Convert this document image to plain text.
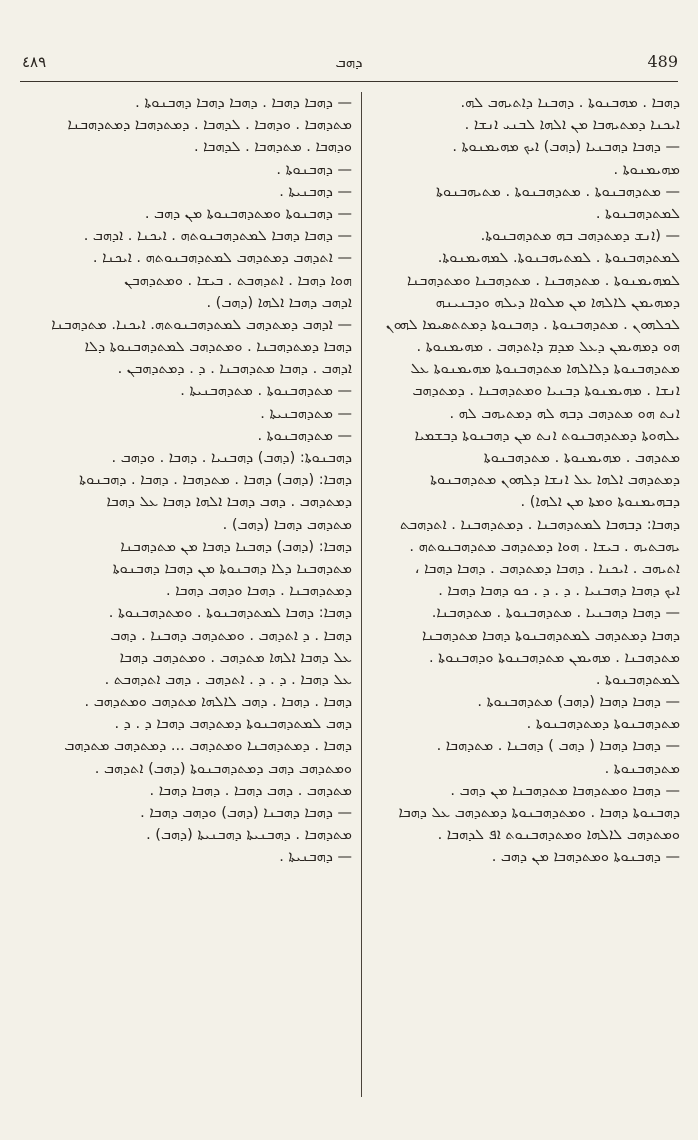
٤٨٩	ܕܗܒ	489
ܕܗܒܐ . ܡܗܒܢܘܬܐ . ܕܗܒܢܐ ܕܐܬܝܗܒ ܠܗ.
ܐܝܟܢܐ ܕܡܬܝܗܒܐ ܡܢ ܐܠܗܐ ܠܒܢܝ ܐܢܫܐ .
— ܕܗܒܐ ܕܗܒܢܝܐ (ܕܗܒ) ܐܝܟ ܡܗܝܡܢܘܬܐ .
ܡܗܝܡܢܘܬܐ .
— ܡܬܕܗܒܢܘܬܐ . ܡܬܕܗܒܢܘܬܐ . ܡܬܝܗܒܢܘܬܐ
ܠܡܬܕܗܒܢܘܬܐ .
— (ܐܢܫ ܕܡܬܕܗܒ ܒܗ ܡܬܕܗܒܢܘܬܐ.
ܠܡܬܕܗܒܢܘܬܐ . ܠܡܬܝܗܒܢܘܬܐ. ܠܡܗܝܡܢܘܬܐ.
ܠܡܗܝܡܢܘܬܐ . ܡܬܕܗܒܢܐ . ܡܬܕܗܒܢܐ ܘܡܬܕܗܒܢܐ
ܕܡܗܝܡܢ ܠܐܠܗܐ ܡܢ ܡܠܘܐܐ ܕܝܠܗ ܘܕܒܢܝܢܗ
ܠܟܠܗܘܢ . ܡܬܕܗܒܢܘܬܐ . ܕܗܒܢܘܬܐ ܕܡܬܬܣܝܡܐ ܠܗܘܢ
ܗܘ ܕܡܗܝܡܢ ܕܥܠ ܡܕܡ ܕܐܬܕܗܒ . ܡܗܝܡܢܘܬܐ .
ܡܬܕܗܒܢܘܬܐ ܕܠܐܠܗܐ ܡܬܕܗܒܢܘܬܐ ܡܗܝܡܢܘܬܐ ܥܠ
ܐܢܫܐ . ܡܗܝܡܢܘܬܐ ܕܒܢܝܐ ܘܡܬܕܗܒܢܐ . ܕܡܬܕܗܒ
ܐܢܬ ܗܘ ܡܬܕܗܒ ܕܒܗ ܠܗ ܕܡܬܝܗܒ ܠܗ .
ܝܠܗܘܬܐ ܕܡܬܕܗܒܢܘܬ ܐܢܬ ܡܢ ܕܗܒܢܘܬܐ ܕܒܫܡܝܐ
ܡܬܕܗܒ . ܡܗܝܡܢܘܬܐ . ܡܬܕܗܒܢܘܬܐ
ܕܡܬܕܗܒ ܐܠܗܐ ܥܠ ܐܢܫܐ ܕܠܗܘܢ ܡܬܕܗܒܢܘܬܐ
ܕܒܗܝܡܢܘܬܐ ܘܡܬܐ ܡܢ ܐܠܗܐ) .
ܕܗܒܐ: ܕܒܗܒܐ ܠܡܬܕܗܒܢܐ . ܕܡܬܕܗܒܢܐ . ܐܬܕܗܒܬ
ܝܗܒܬܝܗ . ܒܝܫܐ . ܗܘܐ ܕܡܬܕܗܒ ܡܬܕܗܒܢܘܬܗ .
ܐܬܝܗܒ . ܐܝܟܢܐ . ܕܗܒܐ ܕܡܬܕܗܒ . ܕܗܒܐ ܕܗܒܐ ،
ܐܝܟ ܕܗܒܐ ܕܗܒܢܝܐ . ܕ . ܕ . ܟܘ ܕܗܒܐ ܕܗܒܐ .
— ܕܗܒܐ ܕܗܒܢܝܐ . ܡܬܕܗܒܢܘܬܐ . ܡܬܕܗܒܢܐ.
ܕܗܒܐ ܕܡܬܕܗܒ ܠܡܬܕܗܒܢܘܬܐ ܕܗܒܐ ܡܬܕܗܒܢܐ
ܡܬܕܗܒܢܐ . ܡܗܝܡܢ ܡܬܕܗܒܢܘܬܐ ܘܕܗܒܢܘܬܐ .
ܠܡܬܕܗܒܢܘܬܐ .
— ܕܗܒܐ ܕܗܒܐ (ܕܗܒ) ܡܬܕܗܒܢܘܬܐ .
ܡܬܕܗܒܢܘܬܐ ܕܡܬܕܗܒܢܘܬܐ .
— ܕܗܒܐ ܕܗܒܐ ( ܕܗܒ ) ܕܗܒܢܐ . ܡܬܕܗܒܐ .
ܡܬܕܗܒܢܘܬܐ .
— ܕܗܒܐ ܘܡܬܕܗܒܐ ܡܬܕܗܒܢܐ ܡܢ ܕܗܒ .
ܕܗܒܢܘܬܐ ܕܗܒܐ . ܘܡܬܕܗܒܢܘܬܐ ܕܡܬܕܗܒ ܥܠ ܕܗܒܐ
ܘܡܬܕܗܒ ܠܐܠܗܐ ܘܡܬܕܗܒܢܘܬ ܐܦ ܠܕܗܒܐ .
— ܕܗܒܢܘܬܐ ܘܡܬܕܗܒܐ ܡܢ ܕܗܒ .
— ܕܗܒܐ ܕܗܒܐ . ܕܗܒܐ ܕܗܒܐ ܕܗܒܢܘܬܐ .
ܡܬܕܗܒܐ . ܘܕܗܒܐ . ܠܕܗܒܐ . ܕܡܬܕܗܒܐ ܕܡܬܕܗܒܢܐ
ܘܕܗܒܐ . ܡܬܕܗܒܐ . ܠܕܗܒܐ .
— ܕܗܒܢܘܬܐ .
— ܕܗܒܢܝܬܐ .
— ܕܗܒܢܘܬܐ ܘܡܬܕܗܒܢܘܬܐ ܡܢ ܕܗܒ .
— ܕܗܒܐ ܕܗܒܐ ܠܡܬܕܗܒܢܘܬܗ . ܐܝܟܢܐ . ܐܕܗܒ .
— ܐܬܕܗܒ ܕܡܬܕܗܒ ܠܡܬܕܗܒܢܘܬܗ . ܐܝܟܢܐ .
ܗܘܐ ܕܗܒܐ . ܐܬܕܗܒܬ . ܒܝܫܐ . ܘܡܬܕܗܒܢ
ܐܕܗܒ ܕܗܒܐ ܐܠܗܐ (ܕܗܒ) .
— ܐܕܗܒ ܕܡܬܕܗܒ ܠܡܬܕܗܒܢܘܬܗ. ܐܝܟܢܐ. ܡܬܕܗܒܢܐ
ܕܗܒܐ ܕܡܬܕܗܒܢܐ . ܘܡܬܕܗܒ ܠܡܬܕܗܒܢܘܬܐ ܕܠܐ
ܐܕܗܒ . ܕܗܒܐ ܡܬܕܗܒܢܐ . ܕ . ܕܡܬܕܗܒܢ .
— ܡܬܕܗܒܢܘܬܐ . ܡܬܕܗܒܢܝܬܐ .
— ܡܬܕܗܒܢܝܬܐ .
— ܡܬܕܗܒܢܘܬܐ .
ܕܗܒܢܘܬܐ: (ܕܗܒ) ܕܗܒܢܝܐ . ܕܗܒܐ . ܘܕܗܒ .
ܕܗܒܐ: (ܕܗܒ) ܕܗܒܐ . ܡܬܕܗܒܐ . ܕܗܒܐ . ܕܗܒܢܘܬܐ
ܕܡܬܕܗܒ . ܕܗܒ ܕܗܒܐ ܐܠܗܐ ܕܗܒܐ ܥܠ ܕܗܒܐ
ܡܬܕܗܒ ܕܗܒܐ (ܕܗܒ) .
ܕܗܒܐ: (ܕܗܒ) ܕܗܒܢܐ ܕܗܒܐ ܡܢ ܡܬܕܗܒܢܐ
ܡܬܕܗܒܢܐ ܕܠܐ ܕܗܒܢܘܬܐ ܡܢ ܕܗܒܐ ܕܗܒܢܘܬܐ
ܕܡܬܕܗܒܢܐ . ܕܗܒܐ ܘܕܗܒ ܕܗܒܐ .
ܕܗܒܐ: ܕܗܒܐ ܠܡܬܕܗܒܢܘܬܐ . ܘܡܬܕܗܒܢܘܬܐ .
ܕܗܒܐ . ܕ ܐܬܕܗܒ . ܘܡܬܕܗܒ ܕܗܒܢܐ . ܕܗܒ
ܥܠ ܕܗܒܐ ܐܠܗܐ ܡܬܕܗܒ . ܘܡܬܕܗܒ ܕܗܒܐ
ܥܠ ܕܗܒܐ . ܕ . ܕ . ܐܬܕܗܒ . ܕܗܒ ܐܬܕܗܒܬ .
ܕܗܒܐ . ܕܗܒܐ . ܕܗܒ ܠܐܠܗܐ ܡܬܕܗܒ ܘܡܬܕܗܒ .
ܕܗܒ ܠܡܬܕܗܒܢܘܬܐ ܕܡܬܕܗܒ ܕܗܒܐ ܕ . ܕ .
ܕܗܒܐ . ܕܡܬܕܗܒܢܐ ܘܡܬܕܗܒ ... ܕܡܬܕܗܒ ܡܬܕܗܒ
ܘܡܬܕܗܒ ܕܗܒ ܕܡܬܕܗܒܢܘܬܐ (ܕܗܒ) ܐܬܕܗܒ .
ܡܬܕܗܒ . ܕܗܒ ܕܗܒܐ . ܕܗܒܐ ܕܗܒܐ .
— ܕܗܒܐ ܕܗܒܢܐ (ܕܗܒ) ܘܕܗܒ ܕܗܒܐ .
ܡܬܕܗܒܐ . ܕܗܒܢܝܬܐ ܕܗܒܢܝܬܐ (ܕܗܒ) .
— ܕܗܒܢܝܬܐ .
